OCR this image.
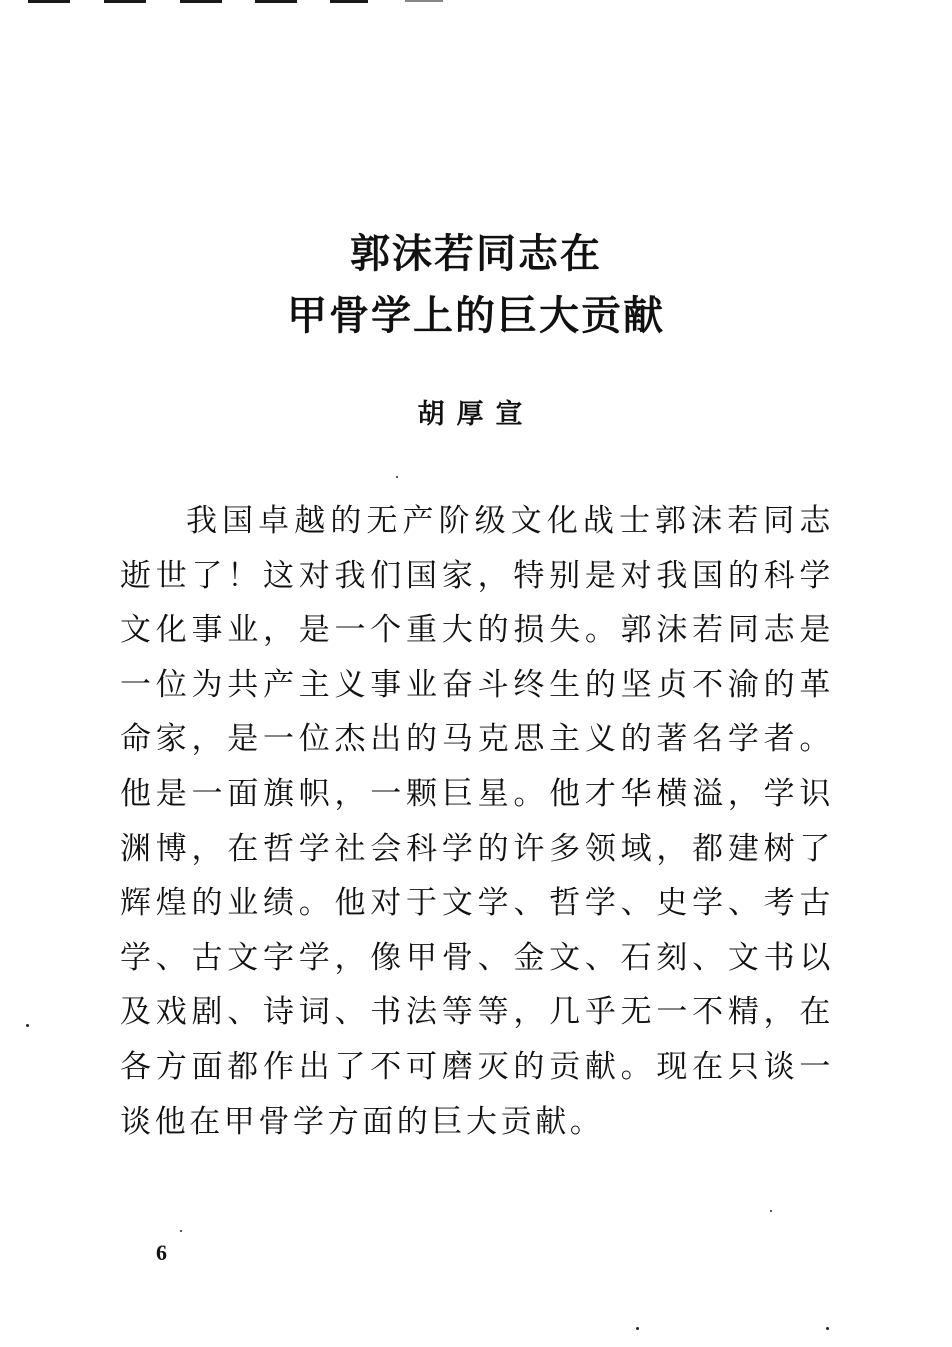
郭沫若同志在
甲骨学上的巨大贡献
胡厚宣

我国卓越的无产阶级文化战士郭沫若同志逝世了！这对我们国家，特别是对我国的科学文化事业，是一个重大的损失。郭沫若同志是一位为共产主义事业奋斗终生的坚贞不渝的革命家，是一位杰出的马克思主义的著名学者。他是一面旗帜，一颗巨星。他才华横溢，学识渊博，在哲学社会科学的许多领域，都建树了辉煌的业绩。他对于文学、哲学、史学、考古学、古文字学，像甲骨、金文、石刻、文书以及戏剧、诗词、书法等等，几乎无一不精，在各方面都作出了不可磨灭的贡献。现在只谈一谈他在甲骨学方面的巨大贡献。

6
